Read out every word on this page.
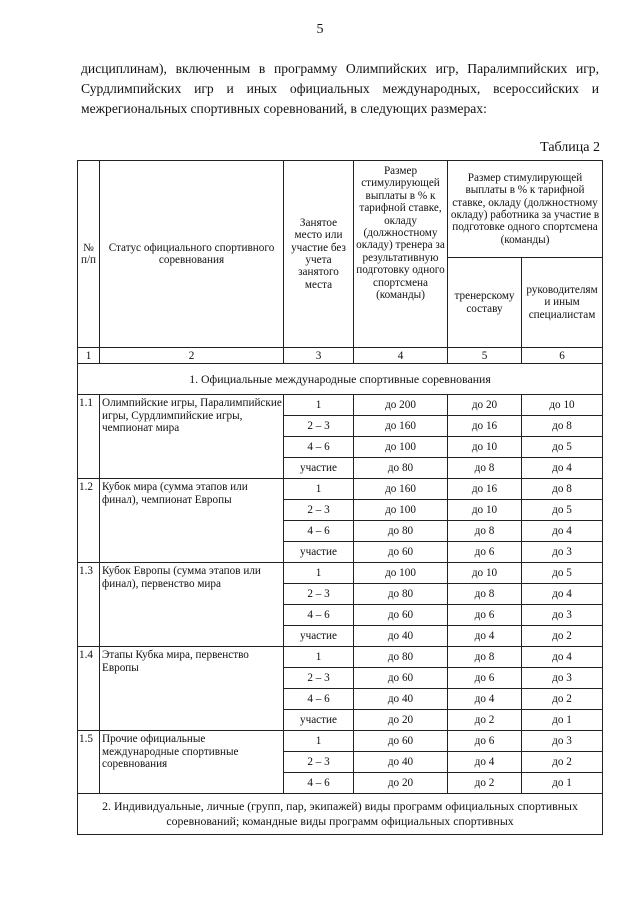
5

дисциплинам), включенным в программу Олимпийских игр, Паралимпийских игр, Сурдлимпийских игр и иных официальных международных, всероссийских и межрегиональных спортивных соревнований, в следующих размерах:

Таблица 2
№ п/п	Статус официального спортивного соревнования	Занятое место или участие без учета занятого места	Размер стимулирующей выплаты в % к тарифной ставке, окладу (должностному окладу) тренера за результативную подготовку одного спортсмена (команды)	Размер стимулирующей выплаты в % к тарифной ставке, окладу (должностному окладу) работника за участие в подготовке одного спортсмена (команды)	
				тренерскому составу	руководителям и иным специалистам
1	2	3	4	5	6
1. Официальные международные спортивные соревнования					
1.1	Олимпийские игры, Паралимпийские игры, Сурдлимпийские игры, чемпионат мира	1	до 200	до 20	до 10
		2 – 3	до 160	до 16	до 8
		4 – 6	до 100	до 10	до 5
		участие	до 80	до 8	до 4
1.2	Кубок мира (сумма этапов или финал), чемпионат Европы	1	до 160	до 16	до 8
		2 – 3	до 100	до 10	до 5
		4 – 6	до 80	до 8	до 4
		участие	до 60	до 6	до 3
1.3	Кубок Европы (сумма этапов или финал), первенство мира	1	до 100	до 10	до 5
		2 – 3	до 80	до 8	до 4
		4 – 6	до 60	до 6	до 3
		участие	до 40	до 4	до 2
1.4	Этапы Кубка мира, первенство Европы	1	до 80	до 8	до 4
		2 – 3	до 60	до 6	до 3
		4 – 6	до 40	до 4	до 2
		участие	до 20	до 2	до 1
1.5	Прочие официальные международные спортивные соревнования	1	до 60	до 6	до 3
		2 – 3	до 40	до 4	до 2
		4 – 6	до 20	до 2	до 1
2. Индивидуальные, личные (групп, пар, экипажей) виды программ официальных спортивных соревнований; командные виды программ официальных спортивных					
